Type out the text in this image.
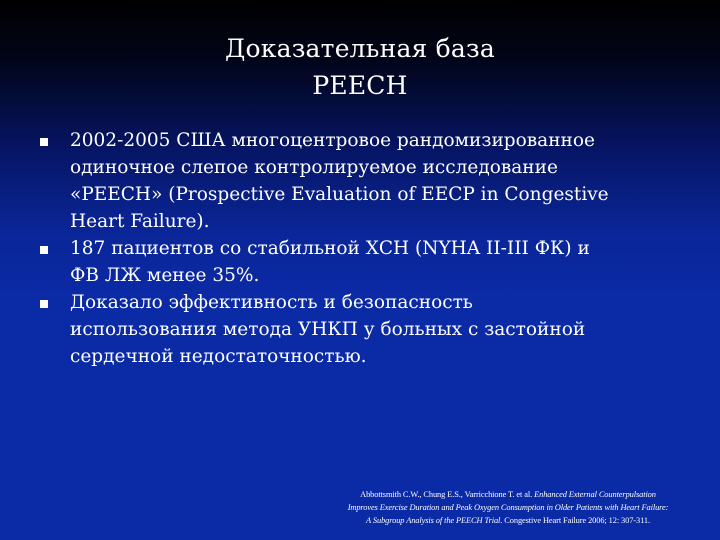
Доказательная база
PEECH
2002-2005 США многоцентровое рандомизированное
одиночное слепое контролируемое исследование
«PEECH» (Prospective Evaluation of EECP in Congestive
Heart Failure).
187 пациентов со стабильной ХСН (NYHA II-III ФК) и
ФВ ЛЖ менее 35%.
Доказало эффективность и безопасность
использования метода УНКП у больных с застойной
сердечной недостаточностью.
Abbottsmith C.W., Chung E.S., Varricchione T. et al. Enhanced External Counterpulsation
Improves Exercise Duration and Peak Oxygen Consumption in Older Patients with Heart Failure:
A Subgroup Analysis of the PEECH Trial. Congestive Heart Failure 2006; 12: 307-311.
